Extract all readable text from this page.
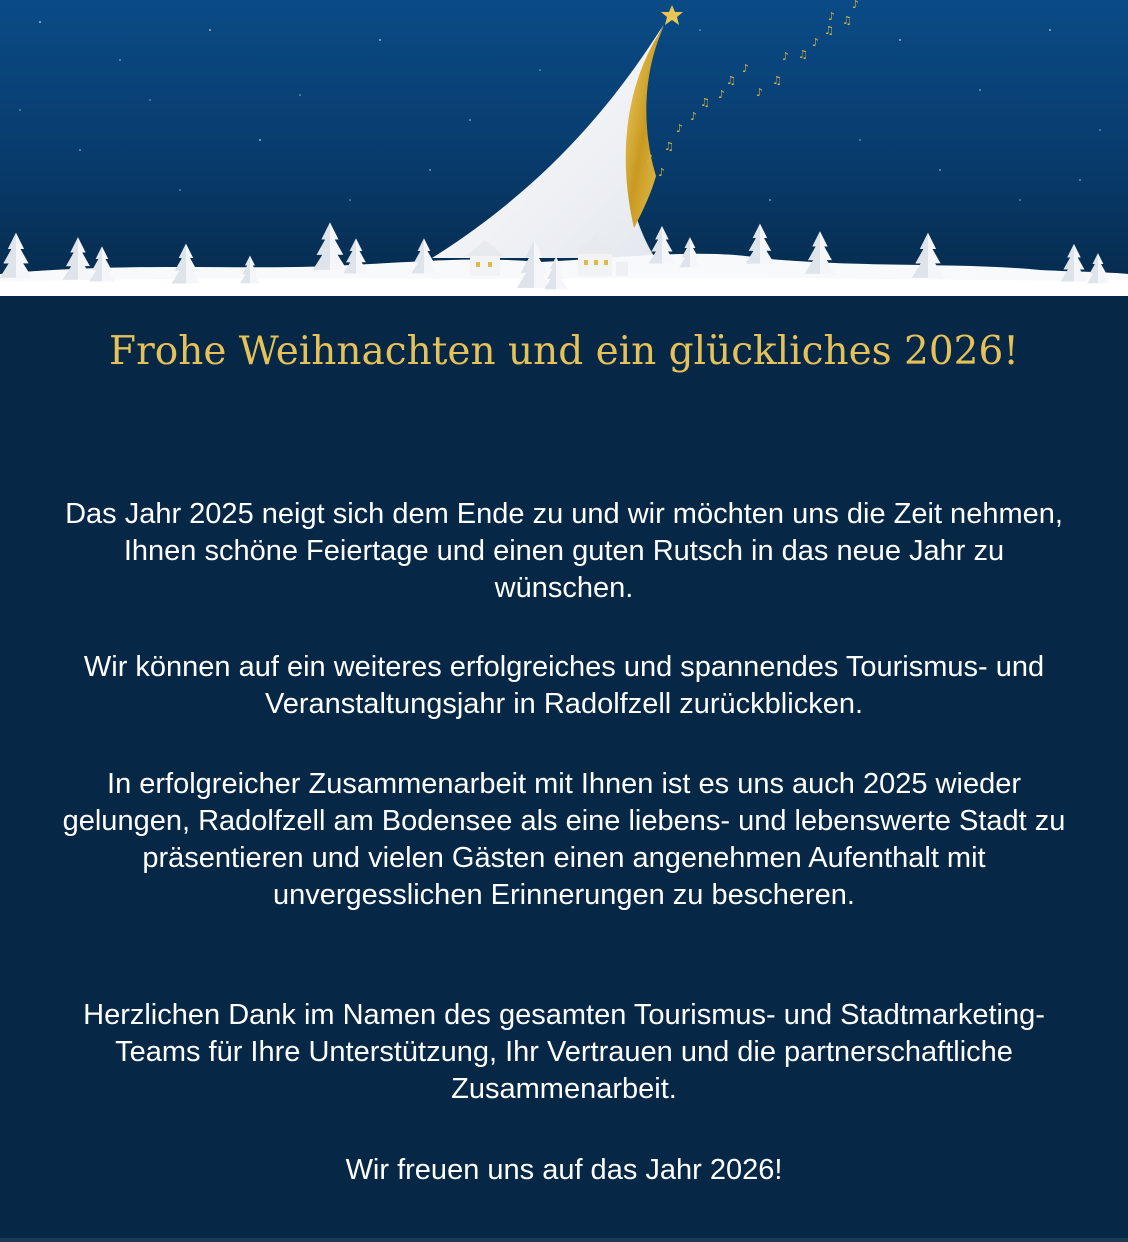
♪
♫
♪
♪
♫
♪
♫
♪
♪
♫
♪ ♫
♪
♫
♪ ♫
♪
♪
Frohe Weihnachten und ein glückliches 2026!

Das Jahr 2025 neigt sich dem Ende zu und wir möchten uns die Zeit nehmen, Ihnen schöne Feiertage und einen guten Rutsch in das neue Jahr zu wünschen.

Wir können auf ein weiteres erfolgreiches und spannendes Tourismus- und Veranstaltungsjahr in Radolfzell zurückblicken.

In erfolgreicher Zusammenarbeit mit Ihnen ist es uns auch 2025 wieder gelungen, Radolfzell am Bodensee als eine liebens- und lebenswerte Stadt zu präsentieren und vielen Gästen einen angenehmen Aufenthalt mit unvergesslichen Erinnerungen zu bescheren.

Herzlichen Dank im Namen des gesamten Tourismus- und Stadtmarketing-Teams für Ihre Unterstützung, Ihr Vertrauen und die partnerschaftliche Zusammenarbeit.

Wir freuen uns auf das Jahr 2026!
